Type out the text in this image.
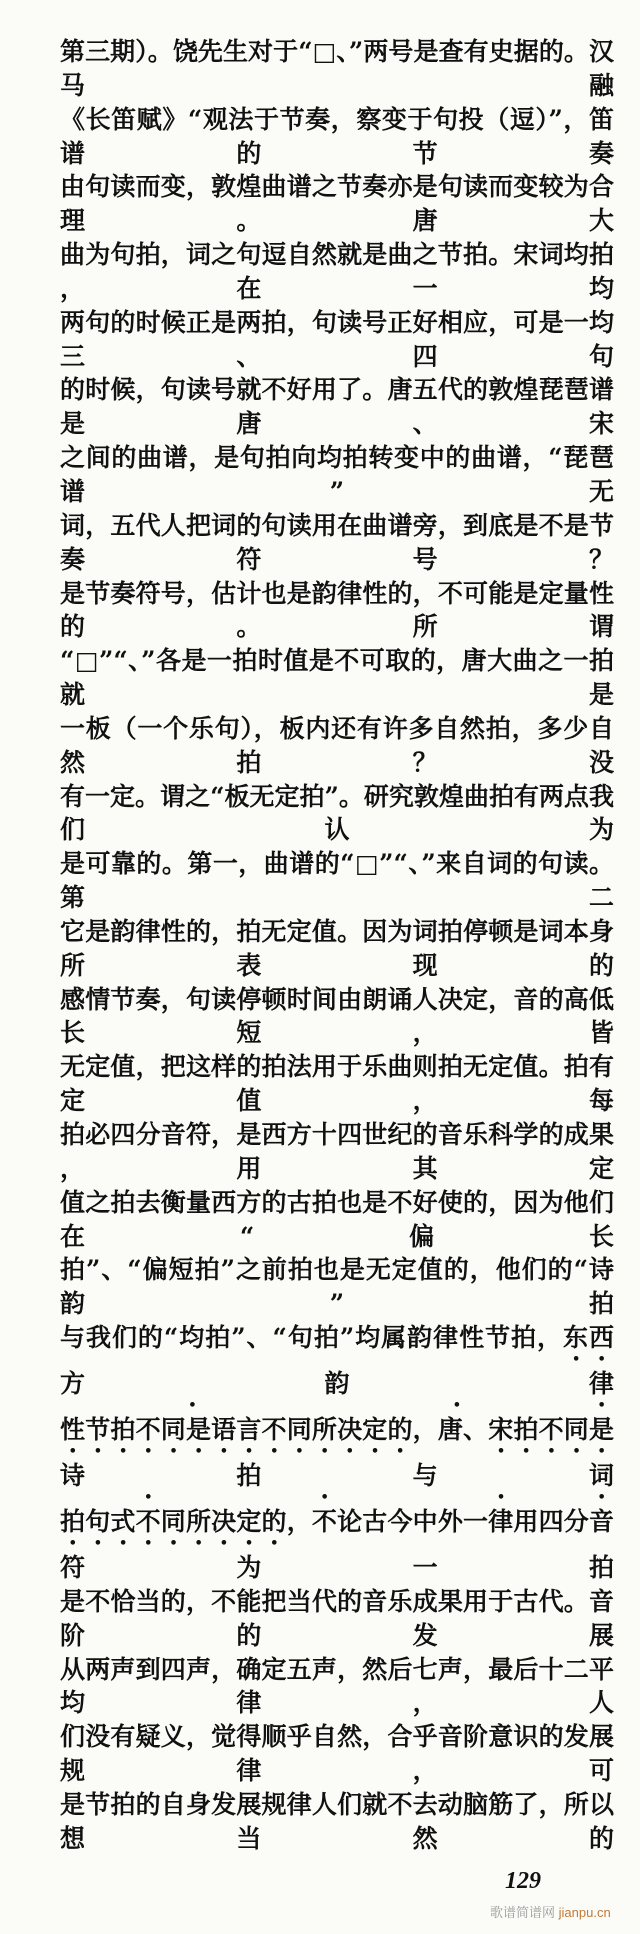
第三期）。饶先生对于“□、”两号是查有史据的。汉马融
《长笛赋》“观法于节奏，察变于句投（逗）”，笛谱的节奏
由句读而变，敦煌曲谱之节奏亦是句读而变较为合理。唐大
曲为句拍，词之句逗自然就是曲之节拍。宋词均拍，在一均
两句的时候正是两拍，句读号正好相应，可是一均三、四句
的时候，句读号就不好用了。唐五代的敦煌琵琶谱是唐、宋
之间的曲谱，是句拍向均拍转变中的曲谱，“琵琶谱”无
词，五代人把词的句读用在曲谱旁，到底是不是节奏符号？
是节奏符号，估计也是韵律性的，不可能是定量性的。所谓
“□”“、”各是一拍时值是不可取的，唐大曲之一拍就是
一板（一个乐句），板内还有许多自然拍，多少自然拍？没
有一定。谓之“板无定拍”。研究敦煌曲拍有两点我们认为
是可靠的。第一，曲谱的“□”“、”来自词的句读。第二
它是韵律性的，拍无定值。因为词拍停顿是词本身所表现的
感情节奏，句读停顿时间由朗诵人决定，音的高低长短，皆
无定值，把这样的拍法用于乐曲则拍无定值。拍有定值，每
拍必四分音符，是西方十四世纪的音乐科学的成果，用其定
值之拍去衡量西方的古拍也是不好使的，因为他们在“偏长
拍”、“偏短拍”之前拍也是无定值的，他们的“诗韵”拍
与我们的“均拍”、“句拍”均属韵律性节拍，东西方韵律
性节拍不同是语言不同所决定的，唐、宋拍不同是诗拍与词
拍句式不同所决定的，不论古今中外一律用四分音符为一拍
是不恰当的，不能把当代的音乐成果用于古代。音阶的发展
从两声到四声，确定五声，然后七声，最后十二平均律，人
们没有疑义，觉得顺乎自然，合乎音阶意识的发展规律，可
是节拍的自身发展规律人们就不去动脑筋了，所以想当然的
129
歌谱简谱网 jianpu.cn
